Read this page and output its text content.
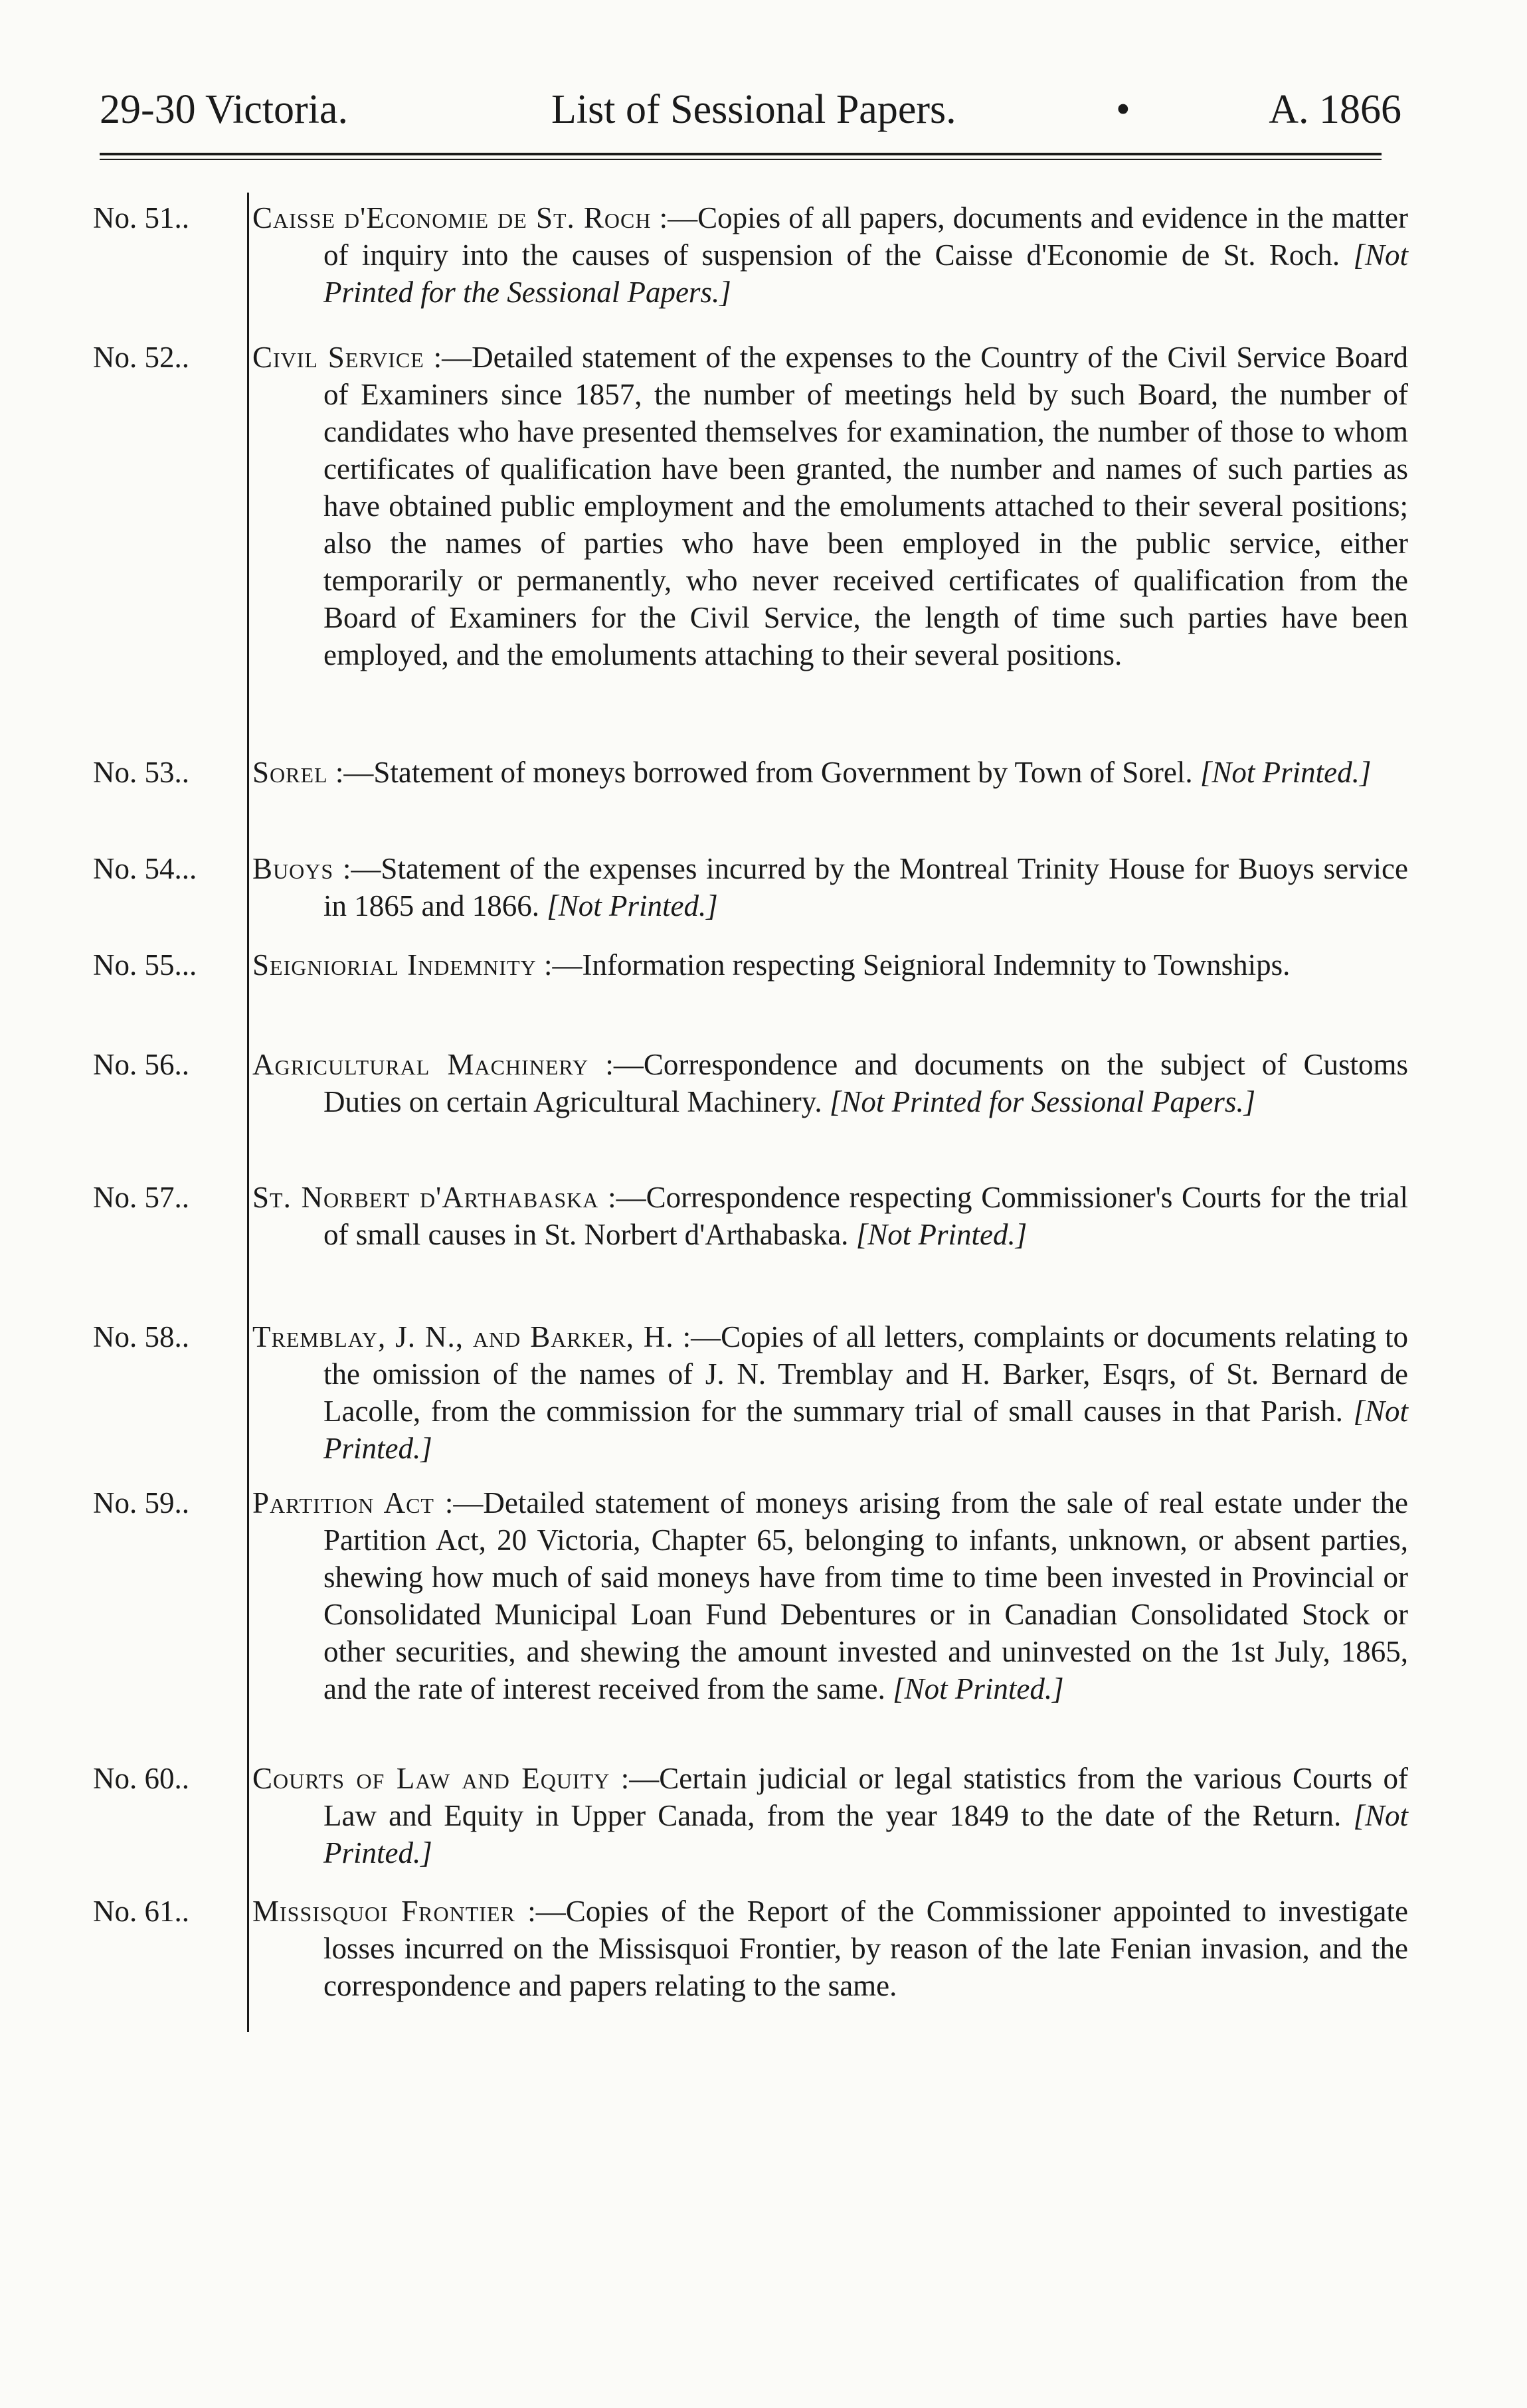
29-30 Victoria.	List of Sessional Papers.	•	A. 1866
No. 51..	Caisse d'Economie de St. Roch :—Copies of all papers, documents and evidence in the matter of inquiry into the causes of suspension of the Caisse d'Economie de St. Roch. [Not Printed for the Sessional Papers.]
No. 52..	Civil Service :—Detailed statement of the expenses to the Country of the Civil Service Board of Examiners since 1857, the number of meetings held by such Board, the number of candidates who have presented themselves for examination, the number of those to whom certificates of qualification have been granted, the number and names of such parties as have obtained public employment and the emoluments attached to their several positions; also the names of parties who have been employed in the public service, either temporarily or permanently, who never received certificates of qualification from the Board of Examiners for the Civil Service, the length of time such parties have been employed, and the emoluments attaching to their several positions.
No. 53..	Sorel :—Statement of moneys borrowed from Government by Town of Sorel. [Not Printed.]
No. 54...	Buoys :—Statement of the expenses incurred by the Montreal Trinity House for Buoys service in 1865 and 1866. [Not Printed.]
No. 55...	Seigniorial Indemnity :—Information respecting Seignioral Indemnity to Townships.
No. 56..	Agricultural Machinery :—Correspondence and documents on the subject of Customs Duties on certain Agricultural Machinery. [Not Printed for Sessional Papers.]
No. 57..	St. Norbert d'Arthabaska :—Correspondence respecting Commissioner's Courts for the trial of small causes in St. Norbert d'Arthabaska. [Not Printed.]
No. 58..	Tremblay, J. N., and Barker, H. :—Copies of all letters, complaints or documents relating to the omission of the names of J. N. Tremblay and H. Barker, Esqrs, of St. Bernard de Lacolle, from the commission for the summary trial of small causes in that Parish. [Not Printed.]
No. 59..	Partition Act :—Detailed statement of moneys arising from the sale of real estate under the Partition Act, 20 Victoria, Chapter 65, belonging to infants, unknown, or absent parties, shewing how much of said moneys have from time to time been invested in Provincial or Consolidated Municipal Loan Fund Debentures or in Canadian Consolidated Stock or other securities, and shewing the amount invested and uninvested on the 1st July, 1865, and the rate of interest received from the same. [Not Printed.]
No. 60..	Courts of Law and Equity :—Certain judicial or legal statistics from the various Courts of Law and Equity in Upper Canada, from the year 1849 to the date of the Return. [Not Printed.]
No. 61..	Missisquoi Frontier :—Copies of the Report of the Commissioner appointed to investigate losses incurred on the Missisquoi Frontier, by reason of the late Fenian invasion, and the correspondence and papers relating to the same.
